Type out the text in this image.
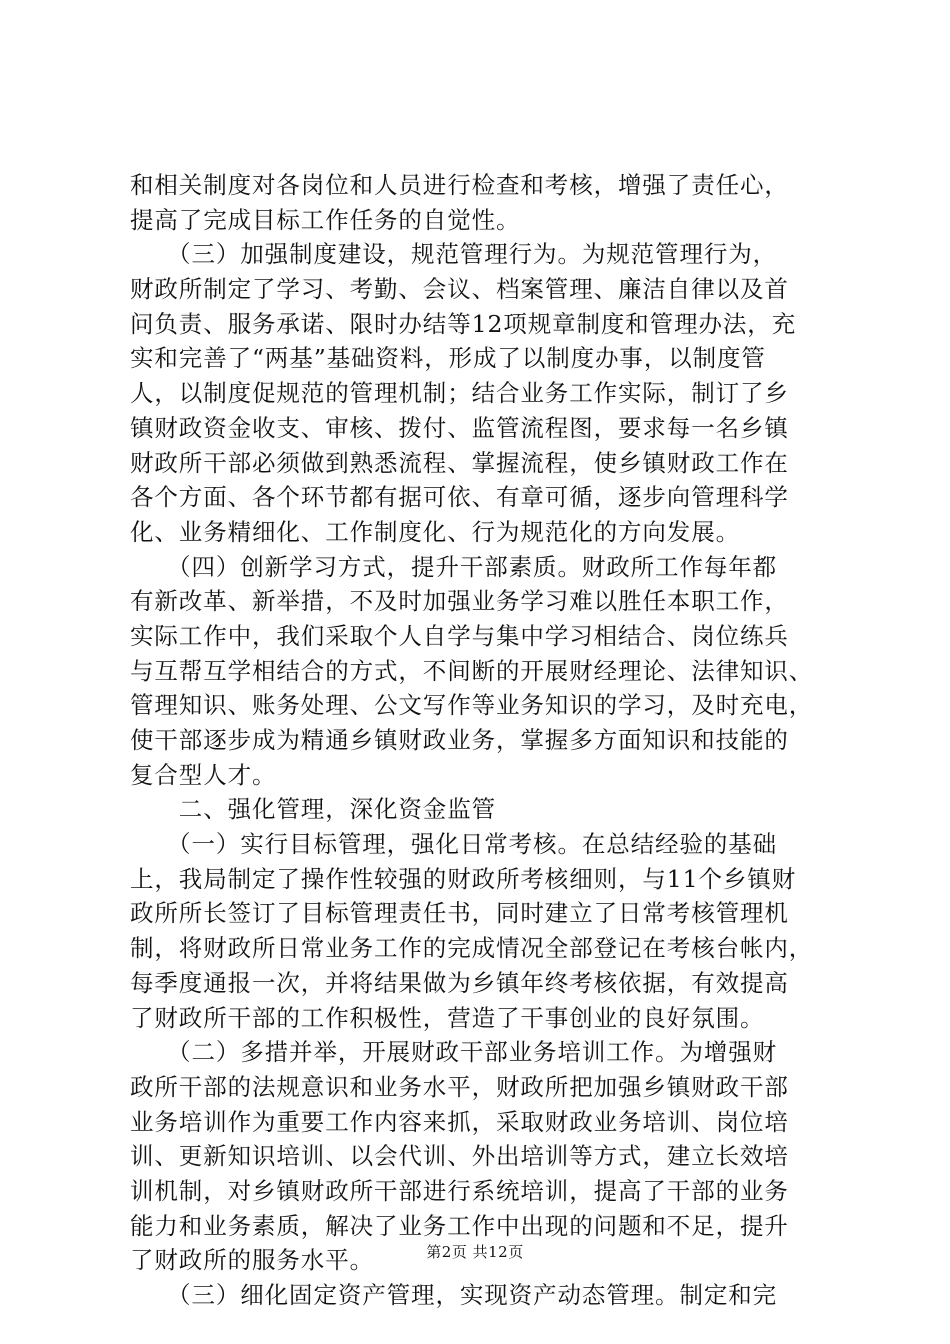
和相关制度对各岗位和人员进行检查和考核，增强了责任心，
提高了完成目标工作任务的自觉性。
　　（三）加强制度建设，规范管理行为。为规范管理行为，
财政所制定了学习、考勤、会议、档案管理、廉洁自律以及首
问负责、服务承诺、限时办结等12项规章制度和管理办法，充
实和完善了“两基”基础资料，形成了以制度办事，以制度管
人，以制度促规范的管理机制；结合业务工作实际，制订了乡
镇财政资金收支、审核、拨付、监管流程图，要求每一名乡镇
财政所干部必须做到熟悉流程、掌握流程，使乡镇财政工作在
各个方面、各个环节都有据可依、有章可循，逐步向管理科学
化、业务精细化、工作制度化、行为规范化的方向发展。
　　（四）创新学习方式，提升干部素质。财政所工作每年都
有新改革、新举措，不及时加强业务学习难以胜任本职工作，
实际工作中，我们采取个人自学与集中学习相结合、岗位练兵
与互帮互学相结合的方式，不间断的开展财经理论、法律知识、
管理知识、账务处理、公文写作等业务知识的学习，及时充电，
使干部逐步成为精通乡镇财政业务，掌握多方面知识和技能的
复合型人才。
　　二、强化管理，深化资金监管
　　（一）实行目标管理，强化日常考核。在总结经验的基础
上，我局制定了操作性较强的财政所考核细则，与11个乡镇财
政所所长签订了目标管理责任书，同时建立了日常考核管理机
制，将财政所日常业务工作的完成情况全部登记在考核台帐内，
每季度通报一次，并将结果做为乡镇年终考核依据，有效提高
了财政所干部的工作积极性，营造了干事创业的良好氛围。
　　（二）多措并举，开展财政干部业务培训工作。为增强财
政所干部的法规意识和业务水平，财政所把加强乡镇财政干部
业务培训作为重要工作内容来抓，采取财政业务培训、岗位培
训、更新知识培训、以会代训、外出培训等方式，建立长效培
训机制，对乡镇财政所干部进行系统培训，提高了干部的业务
能力和业务素质，解决了业务工作中出现的问题和不足，提升
了财政所的服务水平。
　　（三）细化固定资产管理，实现资产动态管理。制定和完
第2页 共12页
